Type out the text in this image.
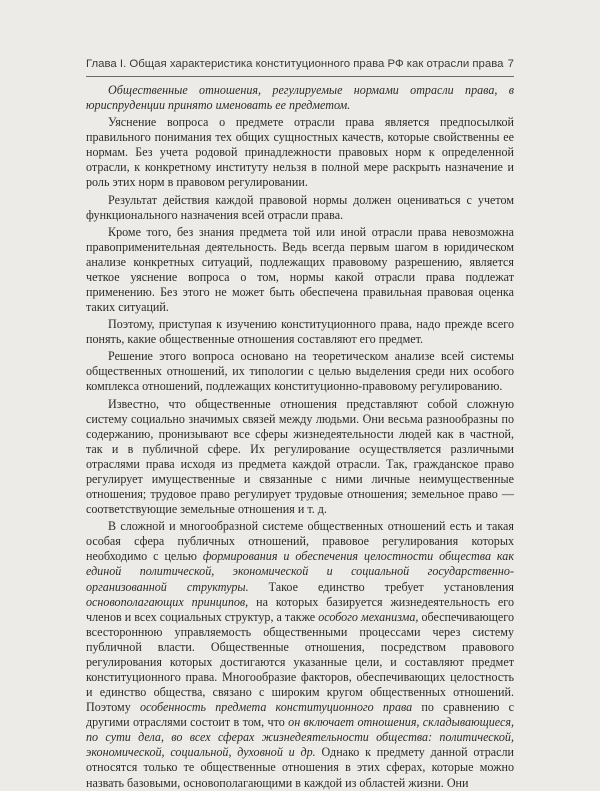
Глава I. Общая характеристика конституционного права РФ как отрасли права 7

Общественные отношения, регулируемые нормами отрасли права, в юриспруденции принято именовать ее предметом.

Уяснение вопроса о предмете отрасли права является предпосылкой правильного понимания тех общих сущностных качеств, которые свойственны ее нормам. Без учета родовой принадлежности правовых норм к определенной отрасли, к конкретному институту нельзя в полной мере раскрыть назначение и роль этих норм в правовом регулировании.

Результат действия каждой правовой нормы должен оцениваться с учетом функционального назначения всей отрасли права.

Кроме того, без знания предмета той или иной отрасли права невозможна правоприменительная деятельность. Ведь всегда первым шагом в юридическом анализе конкретных ситуаций, подлежащих правовому разрешению, является четкое уяснение вопроса о том, нормы какой отрасли права подлежат применению. Без этого не может быть обеспечена правильная правовая оценка таких ситуаций.

Поэтому, приступая к изучению конституционного права, надо прежде всего понять, какие общественные отношения составляют его предмет.

Решение этого вопроса основано на теоретическом анализе всей системы общественных отношений, их типологии с целью выделения среди них особого комплекса отношений, подлежащих конституционно-правовому регулированию.

Известно, что общественные отношения представляют собой сложную систему социально значимых связей между людьми. Они весьма разнообразны по содержанию, пронизывают все сферы жизнедеятельности людей как в частной, так и в публичной сфере. Их регулирование осуществляется различными отраслями права исходя из предмета каждой отрасли. Так, гражданское право регулирует имущественные и связанные с ними личные неимущественные отношения; трудовое право регулирует трудовые отношения; земельное право — соответствующие земельные отношения и т. д.

В сложной и многообразной системе общественных отношений есть и такая особая сфера публичных отношений, правовое регулирования которых необходимо с целью формирования и обеспечения целостности общества как единой политической, экономической и социальной государственно-организованной структуры. Такое единство требует установления основополагающих принципов, на которых базируется жизнедеятельность его членов и всех социальных структур, а также особого механизма, обеспечивающего всестороннюю управляемость общественными процессами через систему публичной власти. Общественные отношения, посредством правового регулирования которых достигаются указанные цели, и составляют предмет конституционного права. Многообразие факторов, обеспечивающих целостность и единство общества, связано с широким кругом общественных отношений. Поэтому особенность предмета конституционного права по сравнению с другими отраслями состоит в том, что он включает отношения, складывающиеся, по сути дела, во всех сферах жизнедеятельности общества: политической, экономической, социальной, духовной и др. Однако к предмету данной отрасли относятся только те общественные отношения в этих сферах, которые можно назвать базовыми, основополагающими в каждой из областей жизни. Они
